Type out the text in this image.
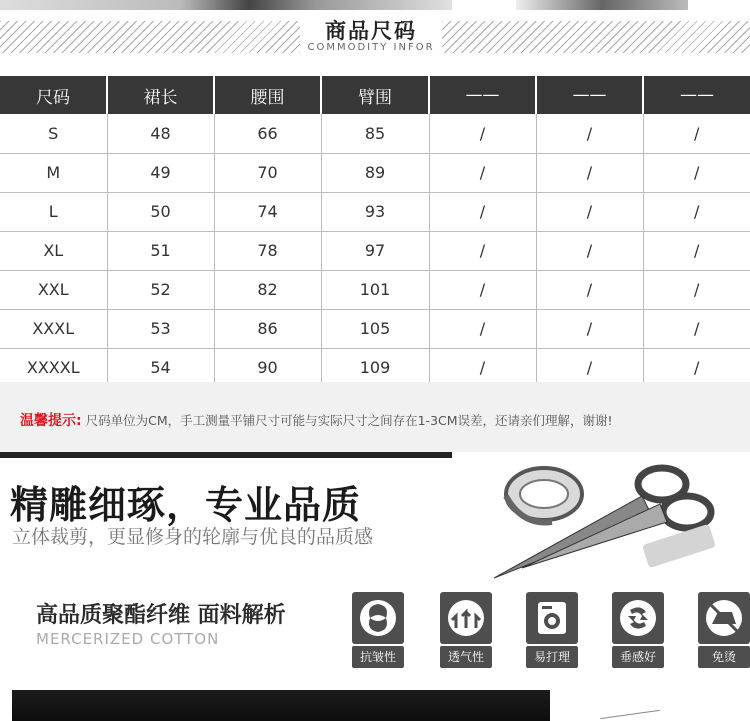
商品尺码
COMMODITY INFOR
尺码	裙长	腰围	臂围	——	——	——
S	48	66	85	/	/	/
M	49	70	89	/	/	/
L	50	74	93	/	/	/
XL	51	78	97	/	/	/
XXL	52	82	101	/	/	/
XXXL	53	86	105	/	/	/
XXXXL	54	90	109	/	/	/
温馨提示: 尺码单位为CM，手工测量平铺尺寸可能与实际尺寸之间存在1-3CM误差，还请亲们理解，谢谢!
精雕细琢，专业品质
立体裁剪，更显修身的轮廓与优良的品质感
高品质聚酯纤维 面料解析
MERCERIZED COTTON
抗皱性	透气性	易打理	垂感好	免烫
